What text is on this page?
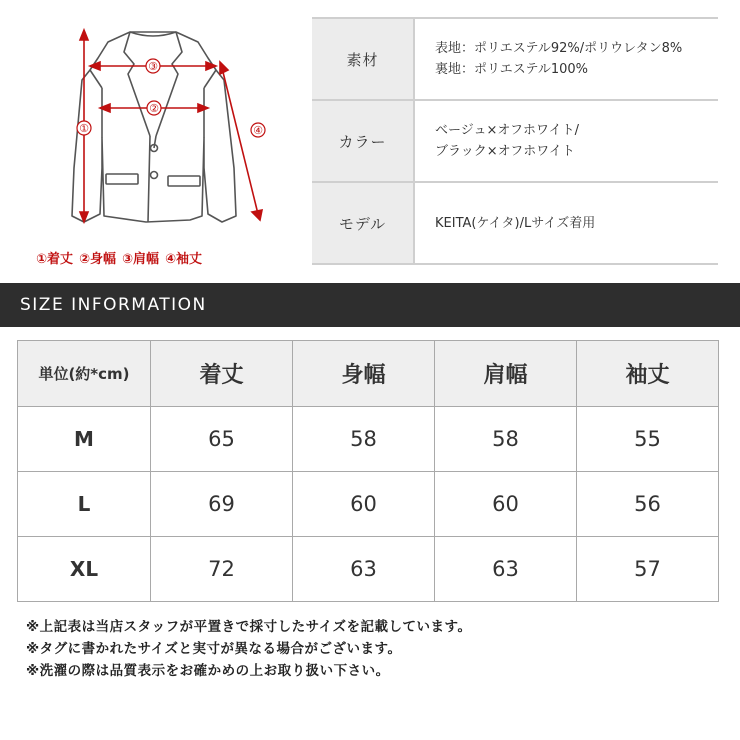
①
②
③
④
①着丈 ②身幅 ③肩幅 ④袖丈
素材	表地：ポリエステル92%/ポリウレタン8%
裏地：ポリエステル100%

カラー	ベージュ×オフホワイト/
ブラック×オフホワイト

モデル	KEITA(ケイタ)/Lサイズ着用
SIZE INFORMATION
単位(約*cm)	着丈	身幅	肩幅	袖丈
M	65	58	58	55
L	69	60	60	56
XL	72	63	63	57
※上記表は当店スタッフが平置きで採寸したサイズを記載しています。
※タグに書かれたサイズと実寸が異なる場合がございます。
※洗濯の際は品質表示をお確かめの上お取り扱い下さい。
